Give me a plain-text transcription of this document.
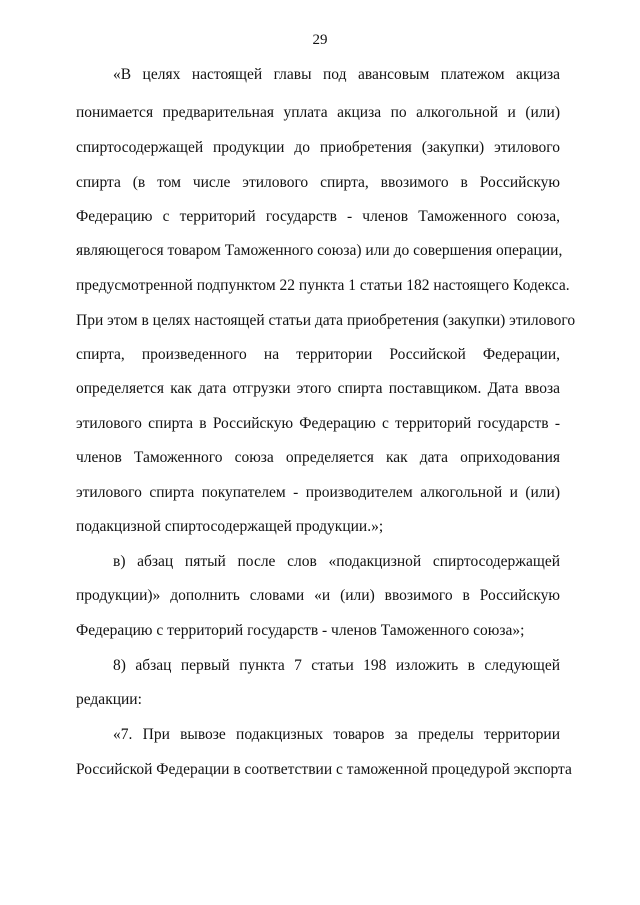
29
«В целях настоящей главы под авансовым платежом акциза
понимается предварительная уплата акциза по алкогольной и (или)
спиртосодержащей продукции до приобретения (закупки) этилового
спирта (в том числе этилового спирта, ввозимого в Российскую
Федерацию с территорий государств - членов Таможенного союза,
являющегося товаром Таможенного союза) или до совершения операции,
предусмотренной подпунктом 22 пункта 1 статьи 182 настоящего Кодекса.
При этом в целях настоящей статьи дата приобретения (закупки) этилового
спирта, произведенного на территории Российской Федерации,
определяется как дата отгрузки этого спирта поставщиком. Дата ввоза
этилового спирта в Российскую Федерацию с территорий государств -
членов Таможенного союза определяется как дата оприходования
этилового спирта покупателем - производителем алкогольной и (или)
подакцизной спиртосодержащей продукции.»;
в) абзац пятый после слов «подакцизной спиртосодержащей
продукции)» дополнить словами «и (или) ввозимого в Российскую
Федерацию с территорий государств - членов Таможенного союза»;
8) абзац первый пункта 7 статьи 198 изложить в следующей
редакции:
«7. При вывозе подакцизных товаров за пределы территории
Российской Федерации в соответствии с таможенной процедурой экспорта
